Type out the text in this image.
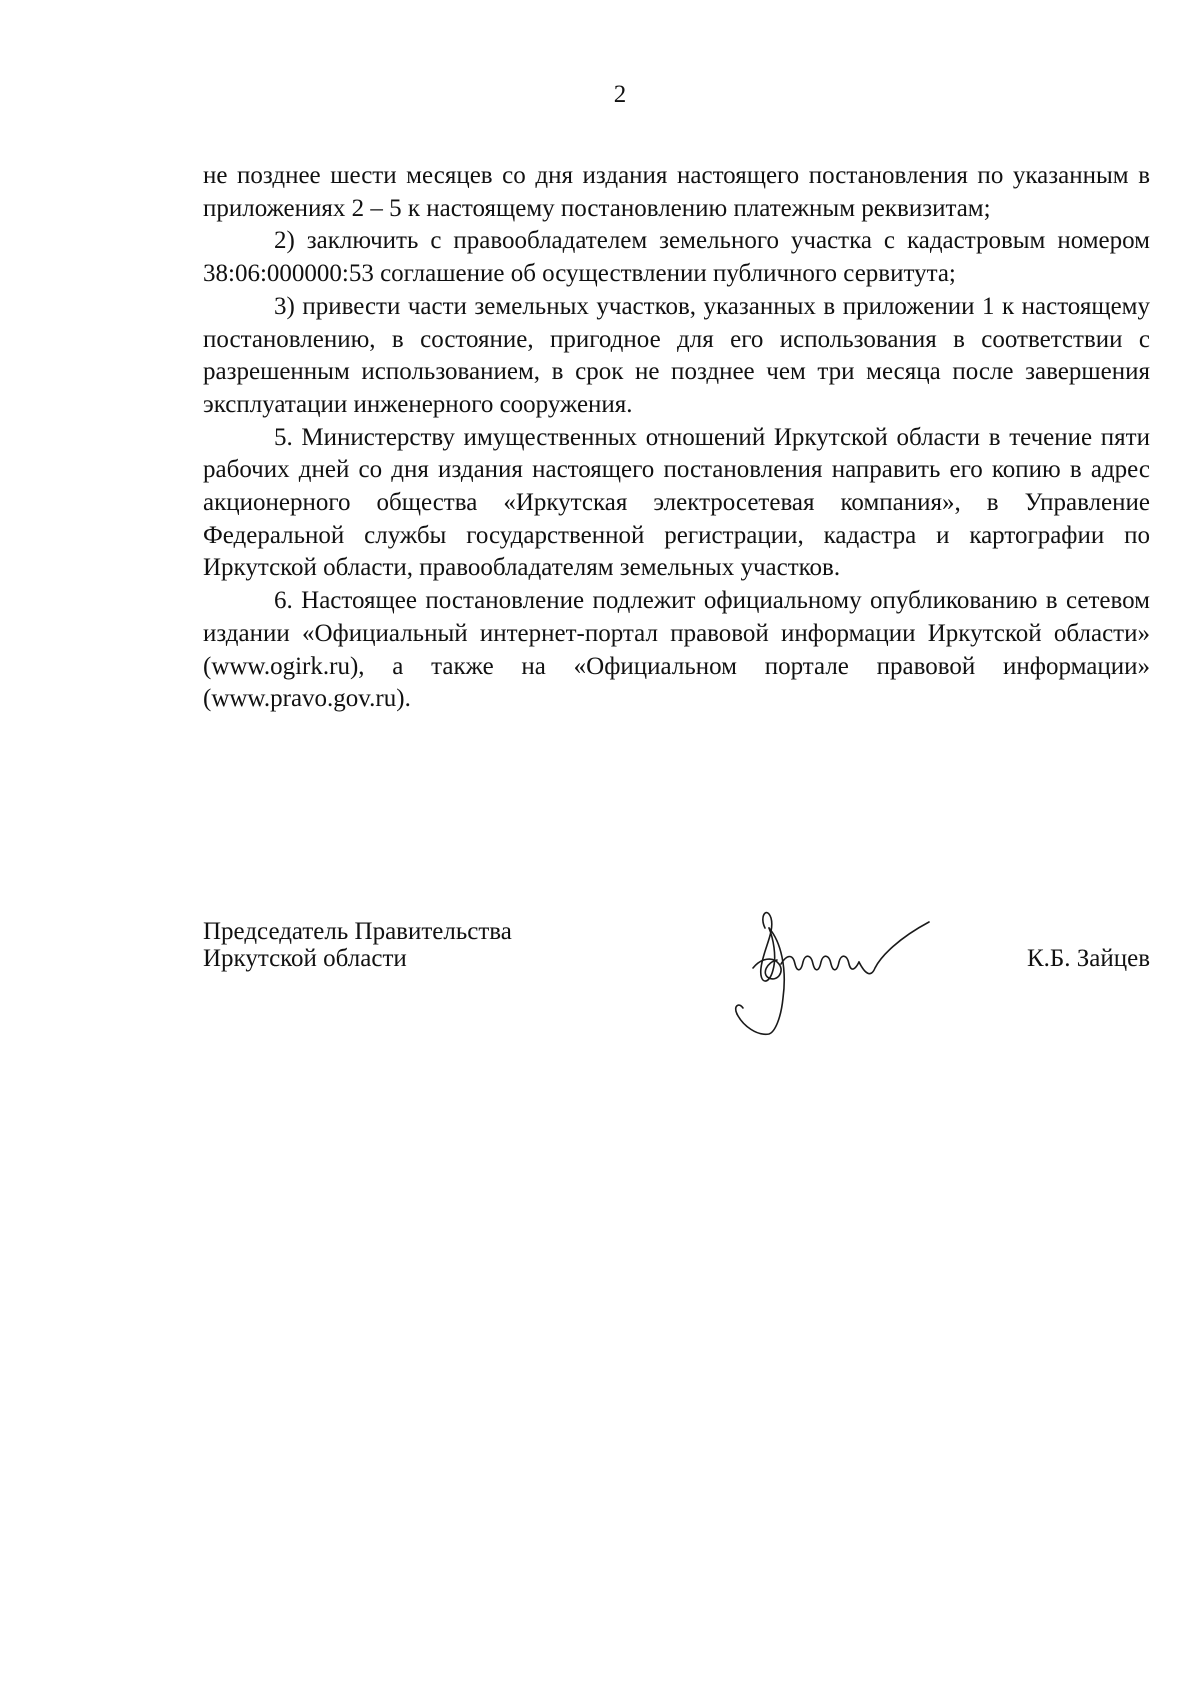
2

не позднее шести месяцев со дня издания настоящего постановления по указанным в приложениях 2 – 5 к настоящему постановлению платежным реквизитам;

2) заключить с правообладателем земельного участка с кадастровым номером 38:06:000000:53 соглашение об осуществлении публичного сервитута;

3) привести части земельных участков, указанных в приложении 1 к настоящему постановлению, в состояние, пригодное для его использования в соответствии с разрешенным использованием, в срок не позднее чем три месяца после завершения эксплуатации инженерного сооружения.

5. Министерству имущественных отношений Иркутской области в течение пяти рабочих дней со дня издания настоящего постановления направить его копию в адрес акционерного общества «Иркутская электросетевая компания», в Управление Федеральной службы государственной регистрации, кадастра и картографии по Иркутской области, правообладателям земельных участков.

6. Настоящее постановление подлежит официальному опубликованию в сетевом издании «Официальный интернет-портал правовой информации Иркутской области» (www.ogirk.ru), а также на «Официальном портале правовой информации» (www.pravo.gov.ru).

Председатель Правительства
Иркутской области	К.Б. Зайцев
